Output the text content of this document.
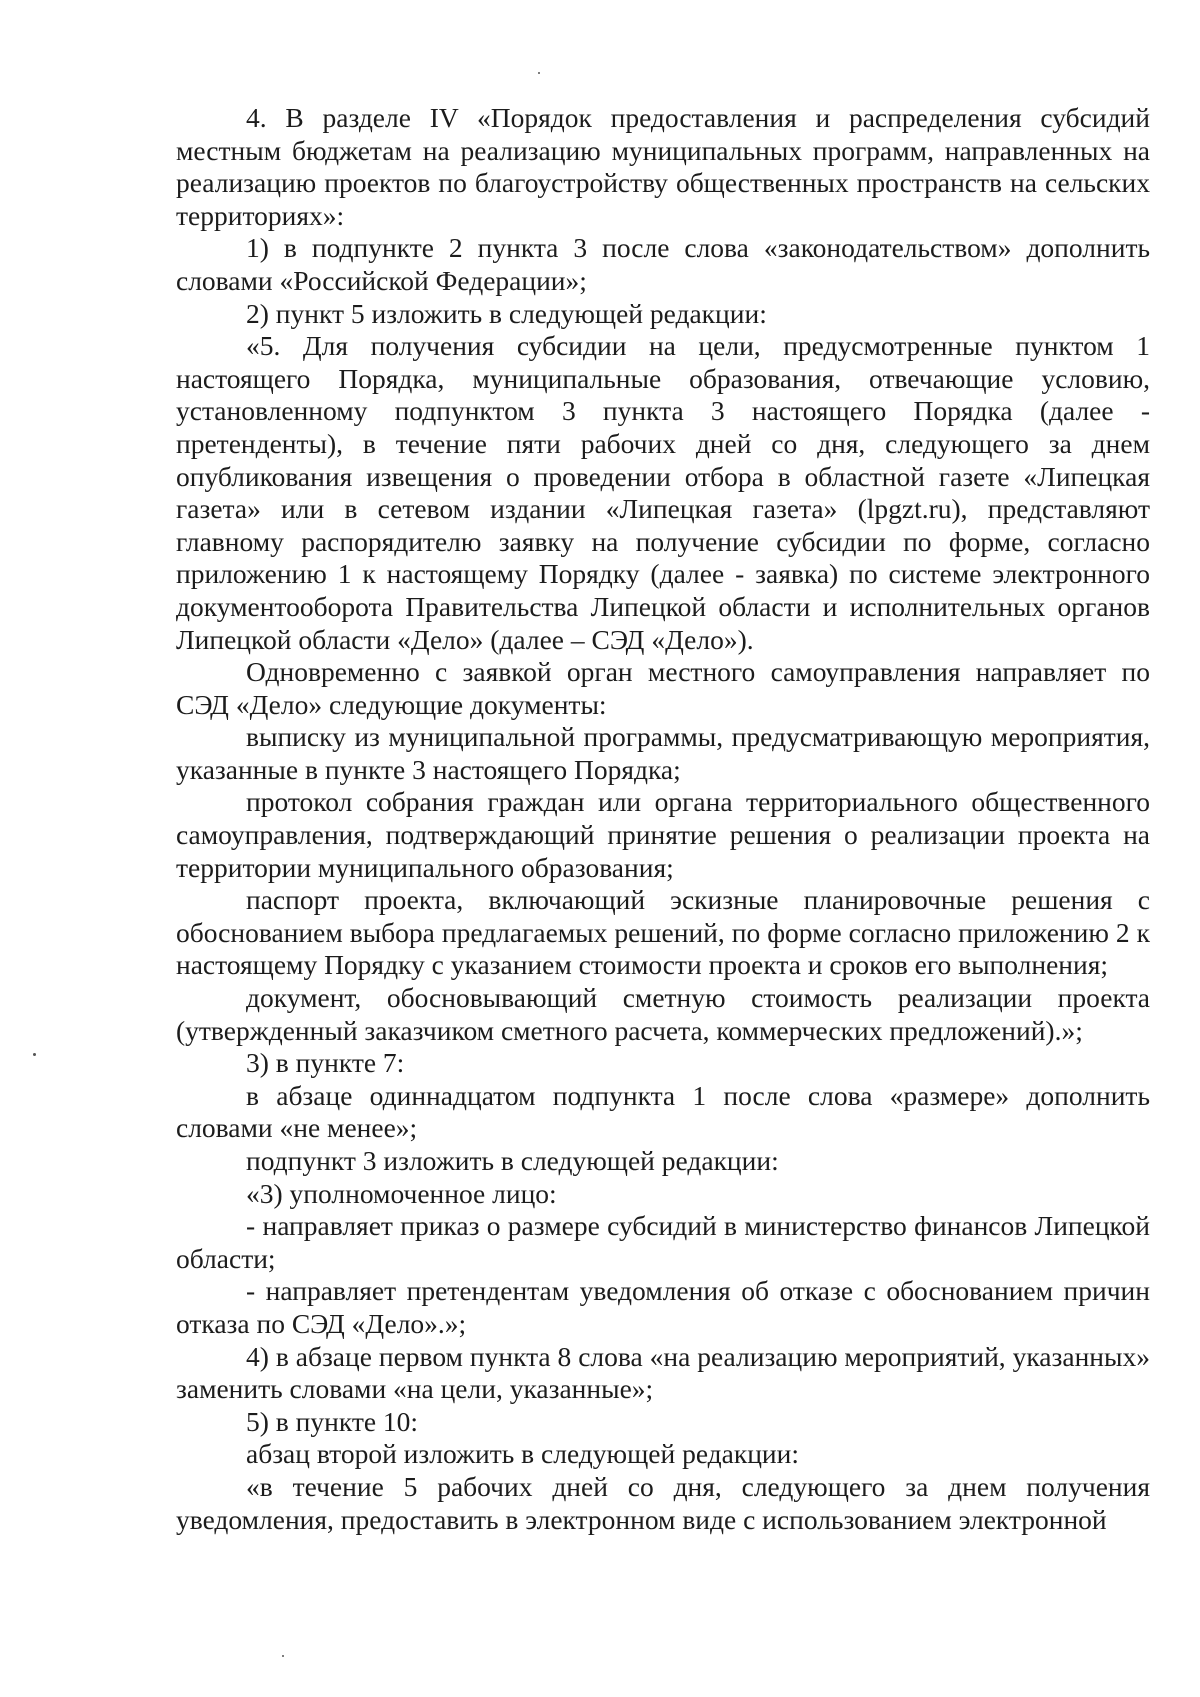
4. В разделе IV «Порядок предоставления и распределения субсидий местным бюджетам на реализацию муниципальных программ, направленных на реализацию проектов по благоустройству общественных пространств на сельских территориях»:

1) в подпункте 2 пункта 3 после слова «законодательством» дополнить словами «Российской Федерации»;

2) пункт 5 изложить в следующей редакции:

«5. Для получения субсидии на цели, предусмотренные пунктом 1 настоящего Порядка, муниципальные образования, отвечающие условию, установленному подпунктом 3 пункта 3 настоящего Порядка (далее - претенденты), в течение пяти рабочих дней со дня, следующего за днем опубликования извещения о проведении отбора в областной газете «Липецкая газета» или в сетевом издании «Липецкая газета» (lpgzt.ru), представляют главному распорядителю заявку на получение субсидии по форме, согласно приложению 1 к настоящему Порядку (далее - заявка) по системе электронного документооборота Правительства Липецкой области и исполнительных органов Липецкой области «Дело» (далее – СЭД «Дело»).

Одновременно с заявкой орган местного самоуправления направляет по СЭД «Дело» следующие документы:

выписку из муниципальной программы, предусматривающую мероприятия, указанные в пункте 3 настоящего Порядка;

протокол собрания граждан или органа территориального общественного самоуправления, подтверждающий принятие решения о реализации проекта на территории муниципального образования;

паспорт проекта, включающий эскизные планировочные решения с обоснованием выбора предлагаемых решений, по форме согласно приложению 2 к настоящему Порядку с указанием стоимости проекта и сроков его выполнения;

документ, обосновывающий сметную стоимость реализации проекта (утвержденный заказчиком сметного расчета, коммерческих предложений).»;

3) в пункте 7:

в абзаце одиннадцатом подпункта 1 после слова «размере» дополнить словами «не менее»;

подпункт 3 изложить в следующей редакции:

«3) уполномоченное лицо:

- направляет приказ о размере субсидий в министерство финансов Липецкой области;

- направляет претендентам уведомления об отказе с обоснованием причин отказа по СЭД «Дело».»;

4) в абзаце первом пункта 8 слова «на реализацию мероприятий, указанных» заменить словами «на цели, указанные»;

5) в пункте 10:

абзац второй изложить в следующей редакции:

«в течение 5 рабочих дней со дня, следующего за днем получения уведомления, предоставить в электронном виде с использованием электронной
